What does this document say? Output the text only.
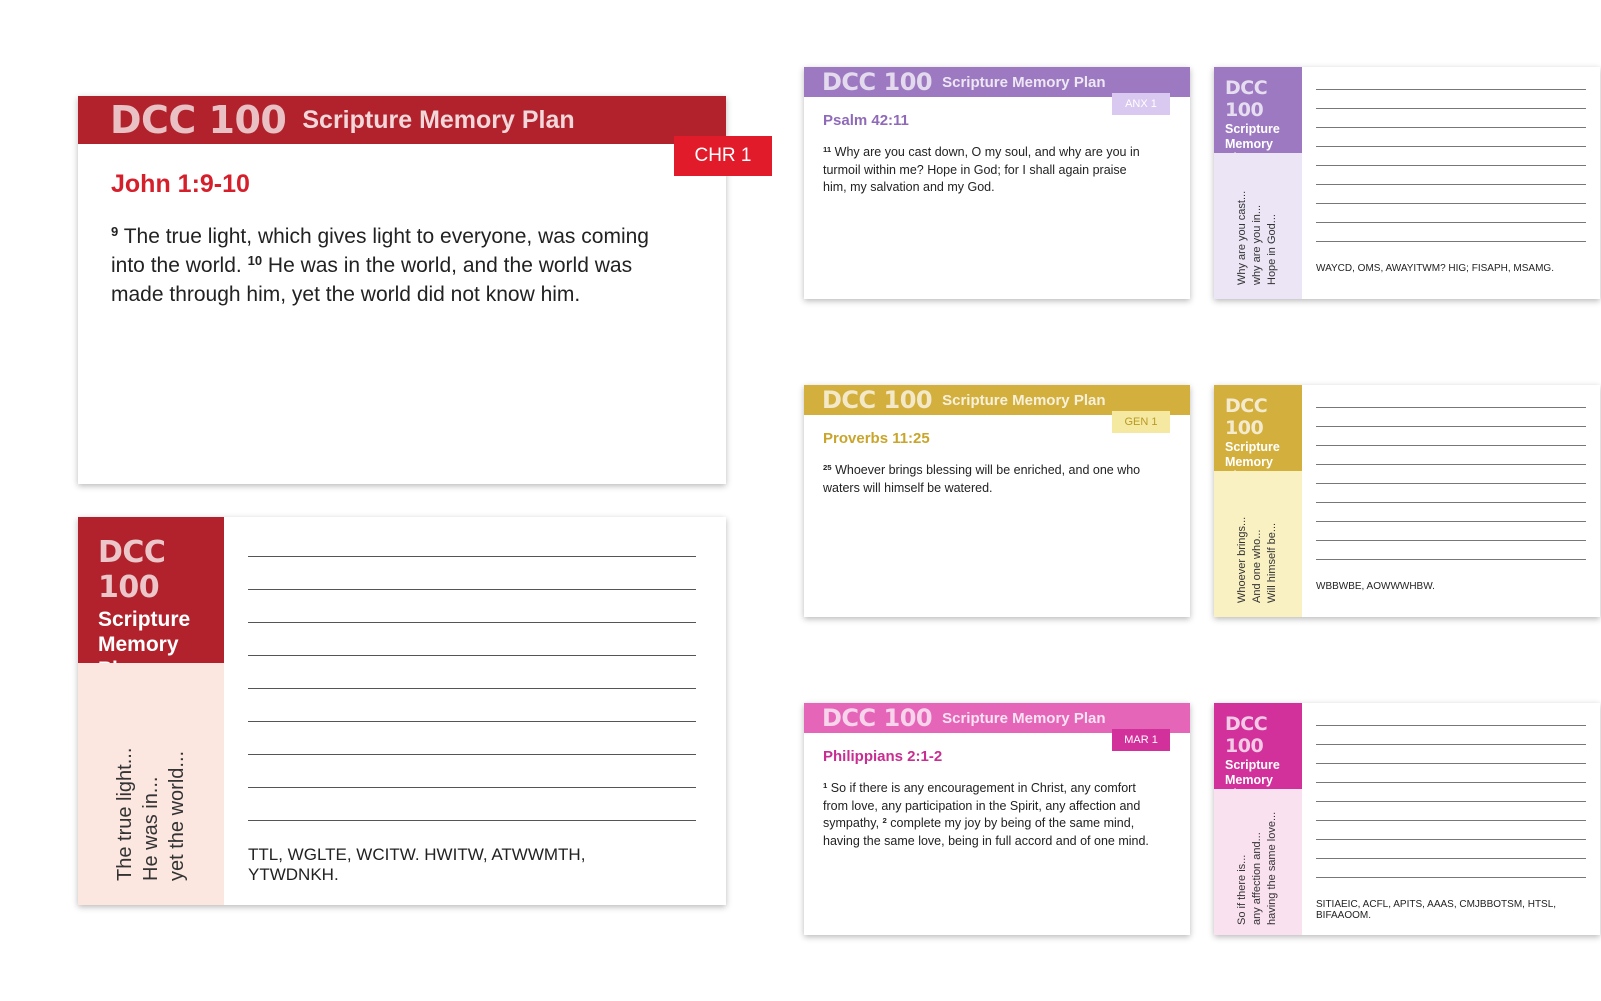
DCC 100 Scripture Memory Plan
CHR 1
John 1:9-10

$^9$ The true light, which gives light to everyone, was coming into the world. $^{10}$ He was in the world, and the world was made through him, yet the world did not know him.

DCC 100
Scripture
Memory
The true light... He was in... yet the world...	TTL, WGLTE, WCITW. HWITW, ATWWMTH, YTWDNKH.
DCC 100 Scripture Memory Plan
ANX 1
Psalm 42:11

$^{11}$ Why are you cast down, O my soul, and why are you in turmoil within me? Hope in God; for I shall again praise him, my salvation and my God.

DCC 100
Scripture
Memory
Why are you cast... why are you in... Hope in God...	WAYCD, OMS, AWAYITWM? HIG; FISAPH, MSAMG.
DCC 100 Scripture Memory Plan
GEN 1
Proverbs 11:25

$^{25}$ Whoever brings blessing will be enriched, and one who waters will himself be watered.

DCC 100
Scripture
Memory
Whoever brings... And one who... Will himself be...	WBBWBE, AOWWWHBW.
DCC 100 Scripture Memory Plan
MAR 1
Philippians 2:1-2

$^1$ So if there is any encouragement in Christ, any comfort from love, any participation in the Spirit, any affection and sympathy, $^2$ complete my joy by being of the same mind, having the same love, being in full accord and of one mind.

DCC 100
Scripture
Memory
So if there is... any affection and... having the same love...	SITIAEIC, ACFL, APITS, AAAS, CMJBBOTSM, HTSL, BIFAAOOM.
